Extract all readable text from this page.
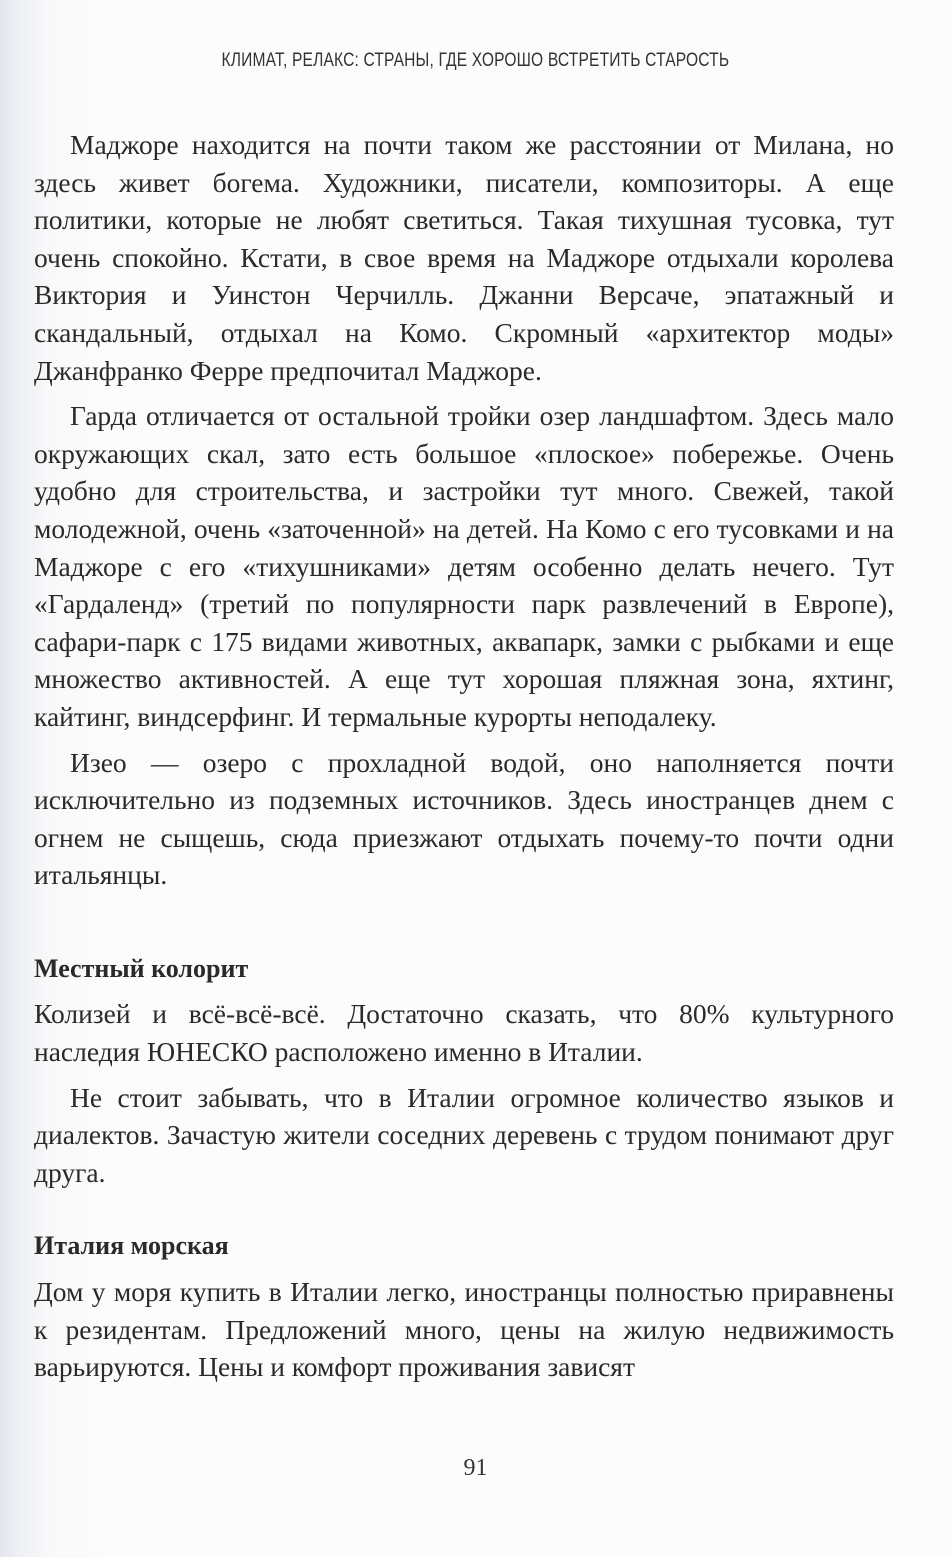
КЛИМАТ, РЕЛАКС: СТРАНЫ, ГДЕ ХОРОШО ВСТРЕТИТЬ СТАРОСТЬ

Маджоре находится на почти таком же расстоянии от Милана, но здесь живет богема. Художники, писатели, композиторы. А еще политики, которые не любят светиться. Такая тихушная тусовка, тут очень спокойно. Кстати, в свое время на Маджоре отдыхали королева Виктория и Уинстон Черчилль. Джанни Версаче, эпатажный и скандальный, отдыхал на Комо. Скромный «архитектор моды» Джанфранко Ферре предпочитал Маджоре.

Гарда отличается от остальной тройки озер ландшафтом. Здесь мало окружающих скал, зато есть большое «плоское» побережье. Очень удобно для строительства, и застройки тут много. Свежей, такой молодежной, очень «заточенной» на детей. На Комо с его тусовками и на Маджоре с его «тихушниками» детям особенно делать нечего. Тут «Гардаленд» (третий по популярности парк развлечений в Европе), сафари-парк с 175 видами животных, аквапарк, замки с рыбками и еще множество активностей. А еще тут хорошая пляжная зона, яхтинг, кайтинг, виндсерфинг. И термальные курорты неподалеку.

Изео — озеро с прохладной водой, оно наполняется почти исключительно из подземных источников. Здесь иностранцев днем с огнем не сыщешь, сюда приезжают отдыхать почему-то почти одни итальянцы.

Местный колорит

Колизей и всё-всё-всё. Достаточно сказать, что 80% культурного наследия ЮНЕСКО расположено именно в Италии.

Не стоит забывать, что в Италии огромное количество языков и диалектов. Зачастую жители соседних деревень с трудом понимают друг друга.

Италия морская

Дом у моря купить в Италии легко, иностранцы полностью приравнены к резидентам. Предложений много, цены на жилую недвижимость варьируются. Цены и комфорт проживания зависят

91
